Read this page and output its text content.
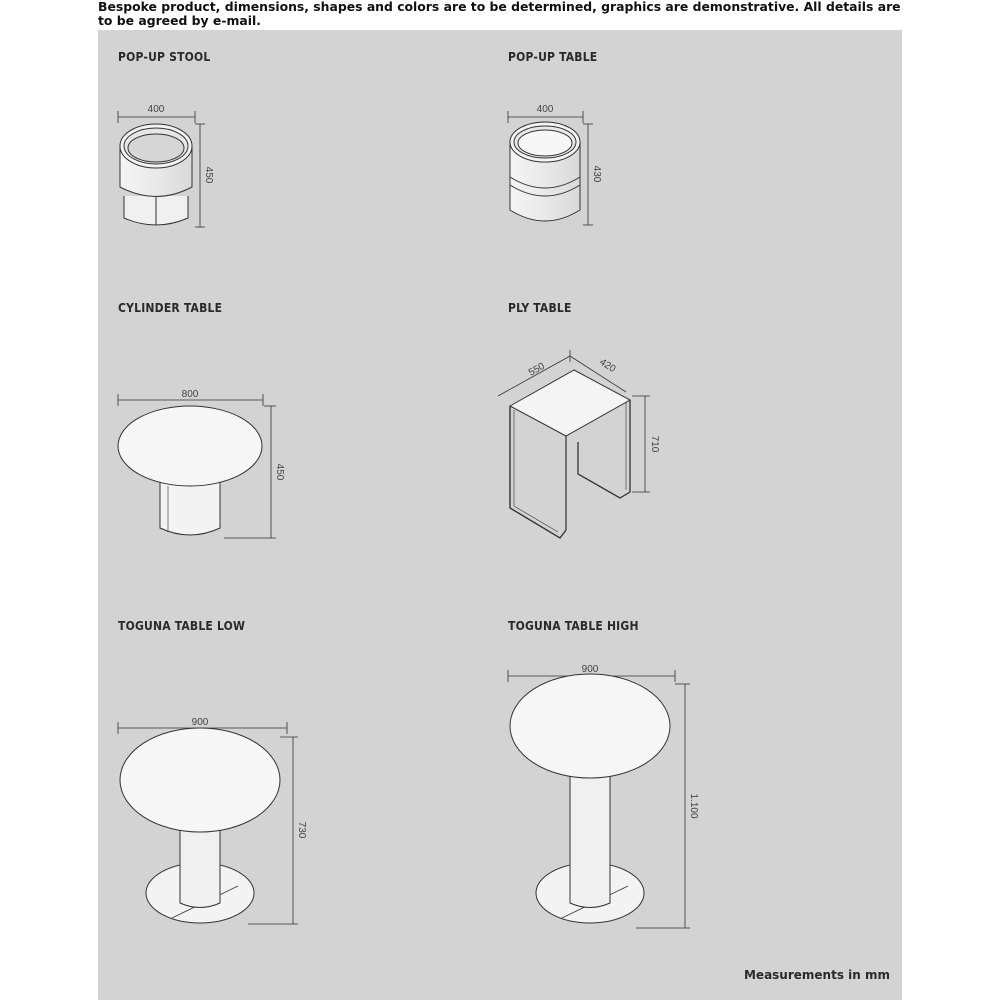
Bespoke product, dimensions, shapes and colors are to be determined, graphics are demonstrative. All details are to be agreed by e-mail.
POP-UP STOOL	POP-UP TABLE
CYLINDER TABLE	PLY TABLE
TOGUNA TABLE LOW	TOGUNA TABLE HIGH
Measurements in mm
400
450
400
430
800
450
550	420
710
900
730
900
1.100
